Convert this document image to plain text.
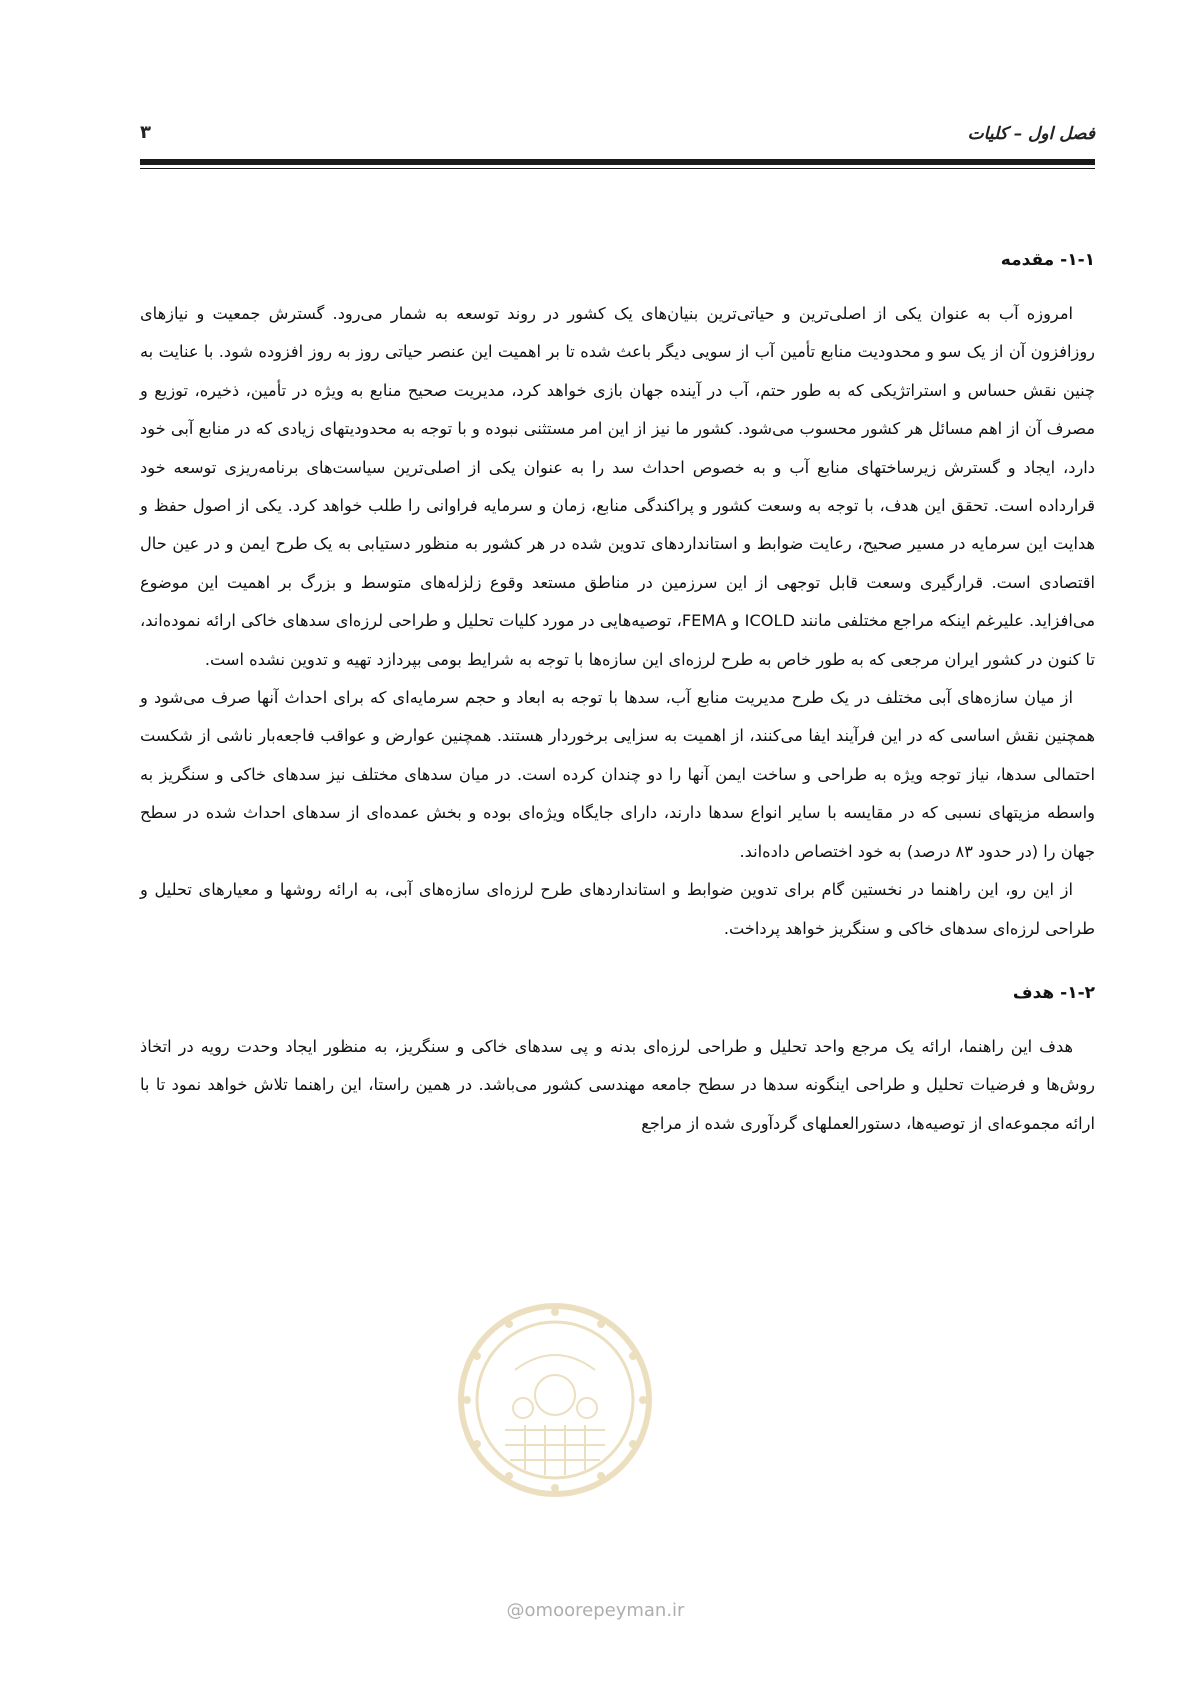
فصل اول – کلیات
۳
۱-۱- مقدمه

امروزه آب به عنوان یکی از اصلی‌ترین و حیاتی‌ترین بنیان‌های یک کشور در روند توسعه به شمار می‌رود. گسترش جمعیت و نیازهای روزافزون آن از یک سو و محدودیت منابع تأمین آب از سویی دیگر باعث شده تا بر اهمیت این عنصر حیاتی روز به روز افزوده شود. با عنایت به چنین نقش حساس و استراتژیکی که به طور حتم، آب در آینده جهان بازی خواهد کرد، مدیریت صحیح منابع به ویژه در تأمین، ذخیره، توزیع و مصرف آن از اهم مسائل هر کشور محسوب می‌شود. کشور ما نیز از این امر مستثنی نبوده و با توجه به محدودیتهای زیادی که در منابع آبی خود دارد، ایجاد و گسترش زیرساختهای منابع آب و به خصوص احداث سد را به عنوان یکی از اصلی‌ترین سیاست‌های برنامه‌ریزی توسعه خود قرارداده است. تحقق این هدف، با توجه به وسعت کشور و پراکندگی منابع، زمان و سرمایه فراوانی را طلب خواهد کرد. یکی از اصول حفظ و هدایت این سرمایه در مسیر صحیح، رعایت ضوابط و استانداردهای تدوین شده در هر کشور به منظور دستیابی به یک طرح ایمن و در عین حال اقتصادی است. قرارگیری وسعت قابل توجهی از این سرزمین در مناطق مستعد وقوع زلزله‌های متوسط و بزرگ بر اهمیت این موضوع می‌افزاید. علیرغم اینکه مراجع مختلفی مانند ICOLD و FEMA، توصیه‌هایی در مورد کلیات تحلیل و طراحی لرزه‌ای سدهای خاکی ارائه نموده‌اند، تا کنون در کشور ایران مرجعی که به طور خاص به طرح لرزه‌ای این سازه‌ها با توجه به شرایط بومی بپردازد تهیه و تدوین نشده است.

از میان سازه‌های آبی مختلف در یک طرح مدیریت منابع آب، سدها با توجه به ابعاد و حجم سرمایه‌ای که برای احداث آنها صرف می‌شود و همچنین نقش اساسی که در این فرآیند ایفا می‌کنند، از اهمیت به سزایی برخوردار هستند. همچنین عوارض و عواقب فاجعه‌بار ناشی از شکست احتمالی سدها، نیاز توجه ویژه به طراحی و ساخت ایمن آنها را دو چندان کرده است. در میان سدهای مختلف نیز سدهای خاکی و سنگریز به واسطه مزیتهای نسبی که در مقایسه با سایر انواع سدها دارند، دارای جایگاه ویژه‌ای بوده و بخش عمده‌ای از سدهای احداث شده در سطح جهان را (در حدود ۸۳ درصد) به خود اختصاص داده‌اند.

از این رو، این راهنما در نخستین گام برای تدوین ضوابط و استانداردهای طرح لرزه‌ای سازه‌های آبی، به ارائه روشها و معیارهای تحلیل و طراحی لرزه‌ای سدهای خاکی و سنگریز خواهد پرداخت.

۱-۲- هدف

هدف این راهنما، ارائه یک مرجع واحد تحلیل و طراحی لرزه‌ای بدنه و پی سدهای خاکی و سنگریز، به منظور ایجاد وحدت رویه در اتخاذ روش‌ها و فرضیات تحلیل و طراحی اینگونه سدها در سطح جامعه مهندسی کشور می‌باشد. در همین راستا، این راهنما تلاش خواهد نمود تا با ارائه مجموعه‌ای از توصیه‌ها، دستورالعملهای گردآوری شده از مراجع

@omoorepeyman.ir
